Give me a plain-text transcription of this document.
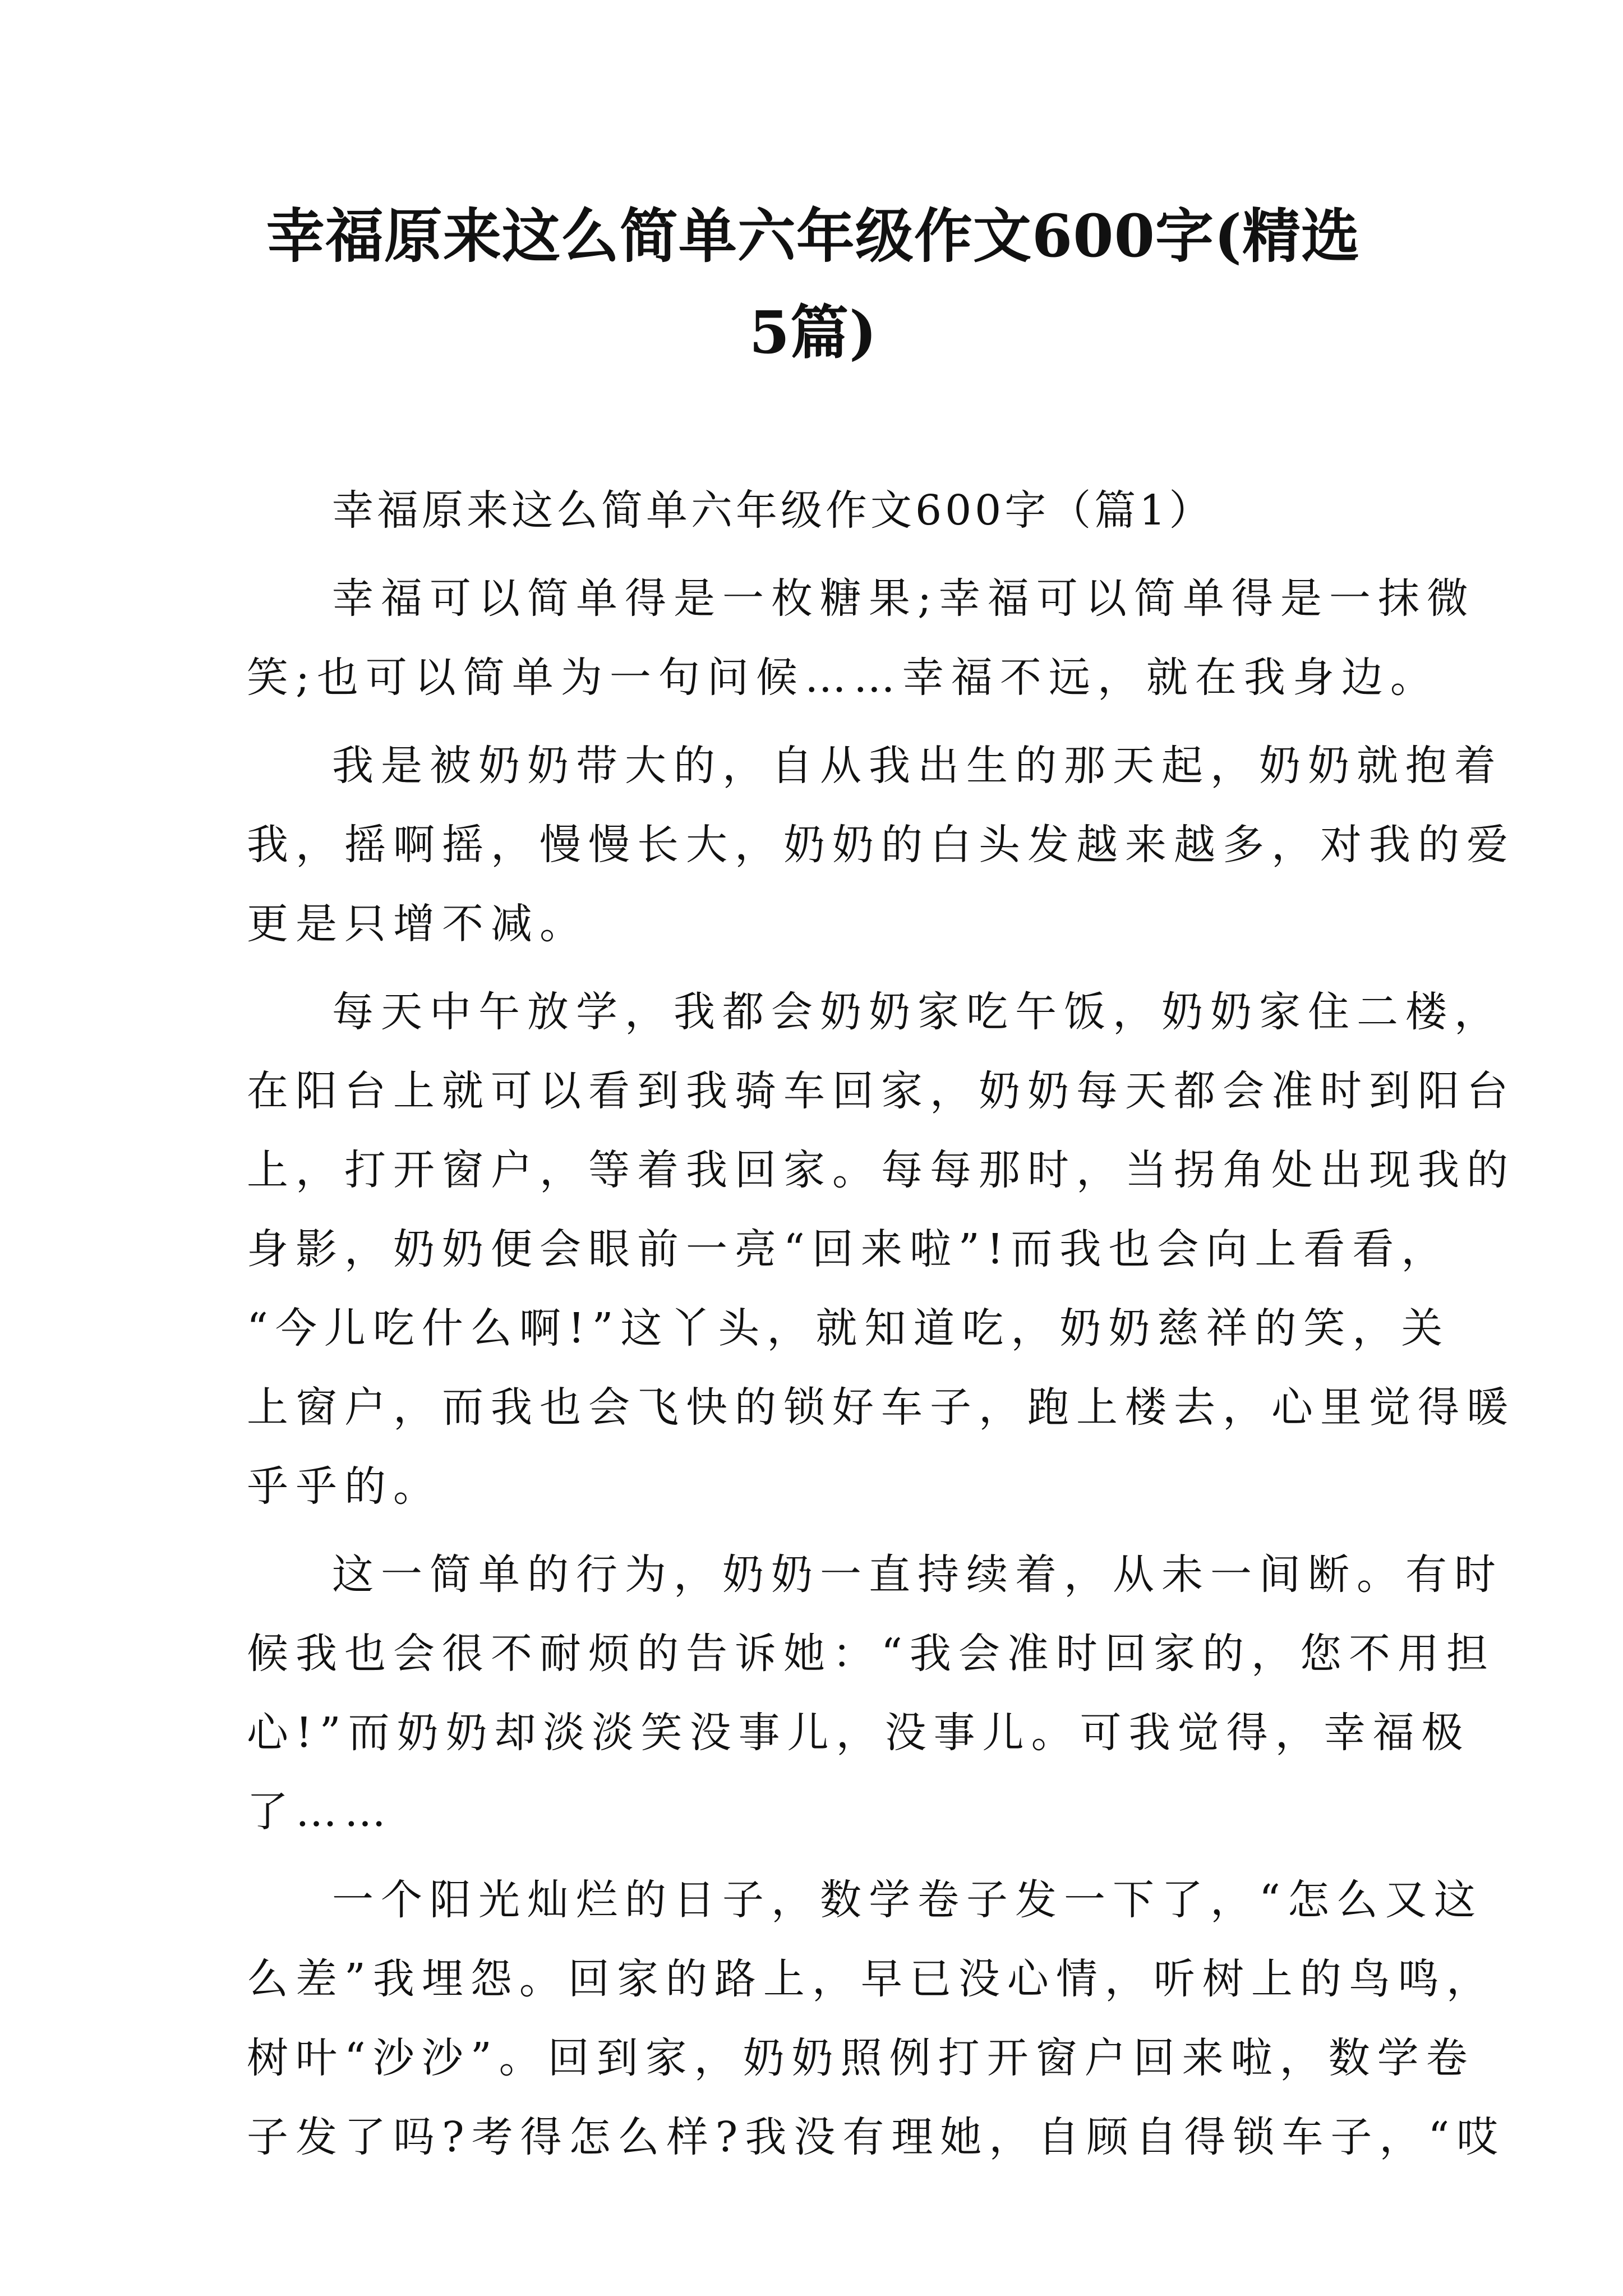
幸福原来这么简单六年级作文600字(精选
5篇)
幸福原来这么简单六年级作文600字（篇1）
幸福可以简单得是一枚糖果;幸福可以简单得是一抹微
笑;也可以简单为一句问候……幸福不远，就在我身边。
我是被奶奶带大的，自从我出生的那天起，奶奶就抱着
我，摇啊摇，慢慢长大，奶奶的白头发越来越多，对我的爱
更是只增不减。
每天中午放学，我都会奶奶家吃午饭，奶奶家住二楼，
在阳台上就可以看到我骑车回家，奶奶每天都会准时到阳台
上，打开窗户，等着我回家。每每那时，当拐角处出现我的
身影，奶奶便会眼前一亮“回来啦”!而我也会向上看看，
“今儿吃什么啊!”这丫头，就知道吃，奶奶慈祥的笑，关
上窗户，而我也会飞快的锁好车子，跑上楼去，心里觉得暖
乎乎的。
这一简单的行为，奶奶一直持续着，从未一间断。有时
候我也会很不耐烦的告诉她：“我会准时回家的，您不用担
心!”而奶奶却淡淡笑没事儿，没事儿。可我觉得，幸福极
了……
一个阳光灿烂的日子，数学卷子发一下了，“怎么又这
么差”我埋怨。回家的路上，早已没心情，听树上的鸟鸣，
树叶“沙沙”。回到家，奶奶照例打开窗户回来啦，数学卷
子发了吗?考得怎么样?我没有理她，自顾自得锁车子，“哎
